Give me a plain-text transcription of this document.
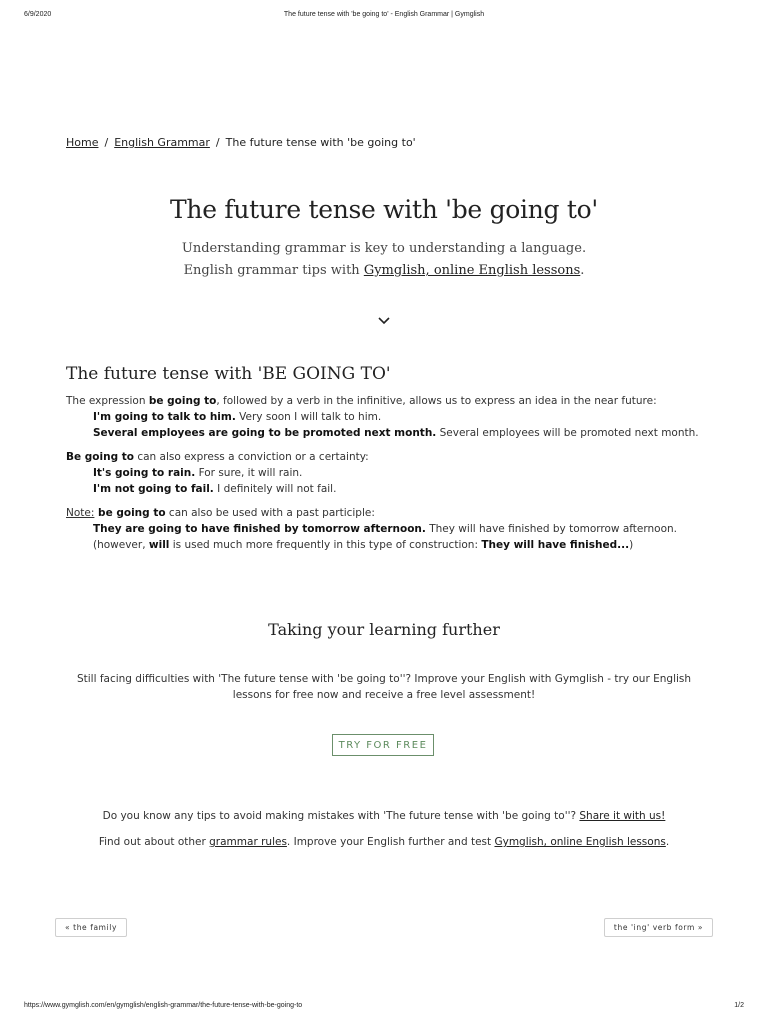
6/9/2020	The future tense with 'be going to' - English Grammar | Gymglish
Home / English Grammar / The future tense with 'be going to'
The future tense with 'be going to'
Understanding grammar is key to understanding a language.
English grammar tips with Gymglish, online English lessons.
The future tense with 'BE GOING TO'
The expression be going to, followed by a verb in the infinitive, allows us to express an idea in the near future:
I'm going to talk to him. Very soon I will talk to him.
Several employees are going to be promoted next month. Several employees will be promoted next month.
Be going to can also express a conviction or a certainty:
It's going to rain. For sure, it will rain.
I'm not going to fail. I definitely will not fail.
Note: be going to can also be used with a past participle:
They are going to have finished by tomorrow afternoon. They will have finished by tomorrow afternoon.
(however, will is used much more frequently in this type of construction: They will have finished...)
Taking your learning further

Still facing difficulties with 'The future tense with 'be going to''? Improve your English with Gymglish - try our English lessons for free now and receive a free level assessment!

TRY FOR FREE

Do you know any tips to avoid making mistakes with 'The future tense with 'be going to''? Share it with us!

Find out about other grammar rules. Improve your English further and test Gymglish, online English lessons.

« the family	the 'ing' verb form »
https://www.gymglish.com/en/gymglish/english-grammar/the-future-tense-with-be-going-to	1/2
